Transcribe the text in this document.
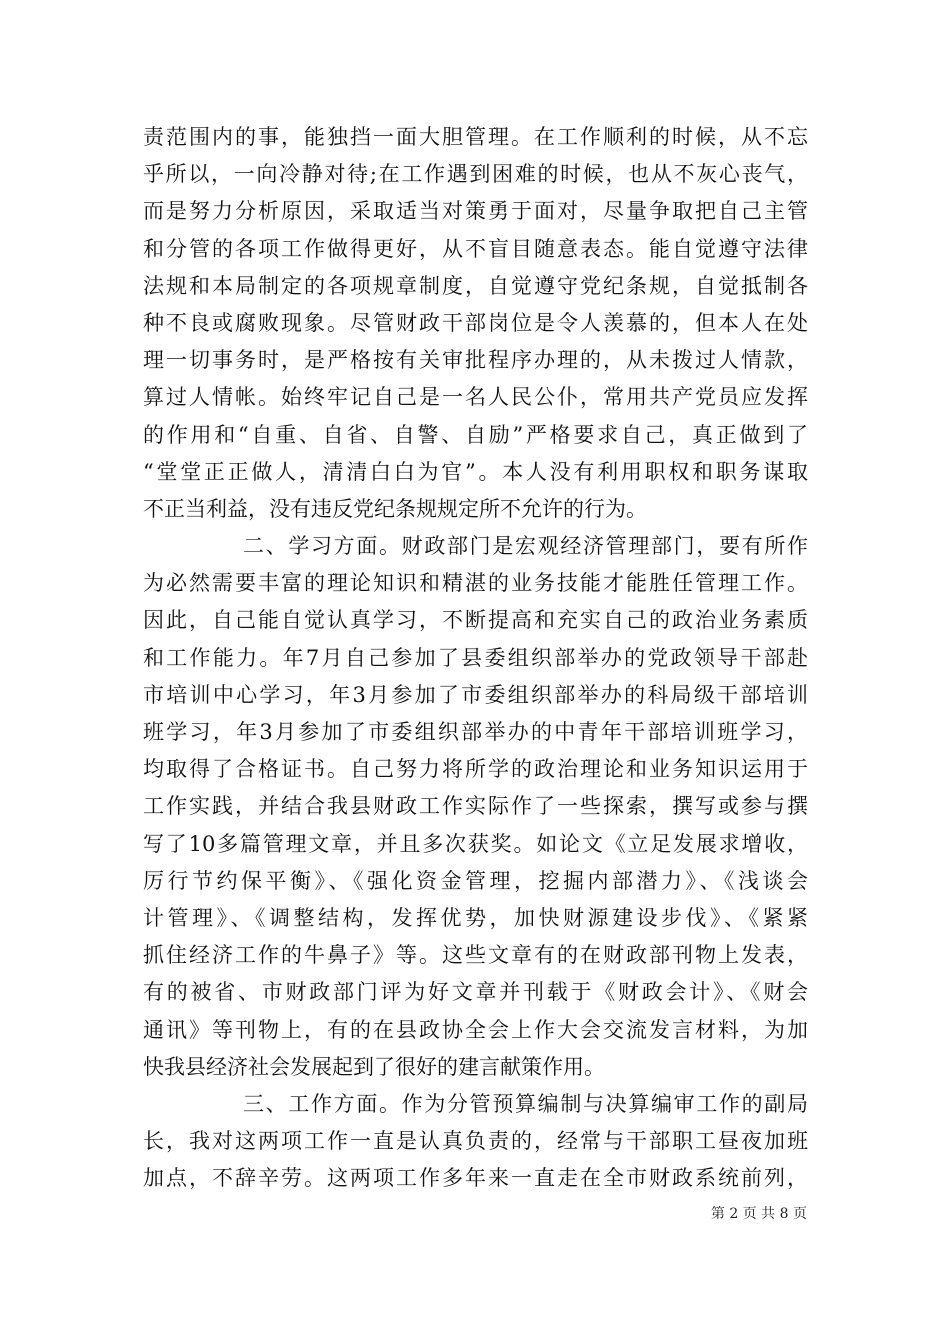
责范围内的事，能独挡一面大胆管理。在工作顺利的时候，从不忘
乎所以，一向冷静对待;在工作遇到困难的时候，也从不灰心丧气，
而是努力分析原因，采取适当对策勇于面对，尽量争取把自己主管
和分管的各项工作做得更好，从不盲目随意表态。能自觉遵守法律
法规和本局制定的各项规章制度，自觉遵守党纪条规，自觉抵制各
种不良或腐败现象。尽管财政干部岗位是令人羡慕的，但本人在处
理一切事务时，是严格按有关审批程序办理的，从未拨过人情款，
算过人情帐。始终牢记自己是一名人民公仆，常用共产党员应发挥
的作用和“自重、自省、自警、自励”严格要求自己，真正做到了
“堂堂正正做人，清清白白为官”。本人没有利用职权和职务谋取
不正当利益，没有违反党纪条规规定所不允许的行为。
二、学习方面。财政部门是宏观经济管理部门，要有所作
为必然需要丰富的理论知识和精湛的业务技能才能胜任管理工作。
因此，自己能自觉认真学习，不断提高和充实自己的政治业务素质
和工作能力。年7月自己参加了县委组织部举办的党政领导干部赴
市培训中心学习，年3月参加了市委组织部举办的科局级干部培训
班学习，年3月参加了市委组织部举办的中青年干部培训班学习，
均取得了合格证书。自己努力将所学的政治理论和业务知识运用于
工作实践，并结合我县财政工作实际作了一些探索，撰写或参与撰
写了10多篇管理文章，并且多次获奖。如论文《立足发展求增收，
厉行节约保平衡》、《强化资金管理，挖掘内部潜力》、《浅谈会
计管理》、《调整结构，发挥优势，加快财源建设步伐》、《紧紧
抓住经济工作的牛鼻子》等。这些文章有的在财政部刊物上发表，
有的被省、市财政部门评为好文章并刊载于《财政会计》、《财会
通讯》等刊物上，有的在县政协全会上作大会交流发言材料，为加
快我县经济社会发展起到了很好的建言献策作用。
三、工作方面。作为分管预算编制与决算编审工作的副局
长，我对这两项工作一直是认真负责的，经常与干部职工昼夜加班
加点，不辞辛劳。这两项工作多年来一直走在全市财政系统前列，
第 2 页 共 8 页
